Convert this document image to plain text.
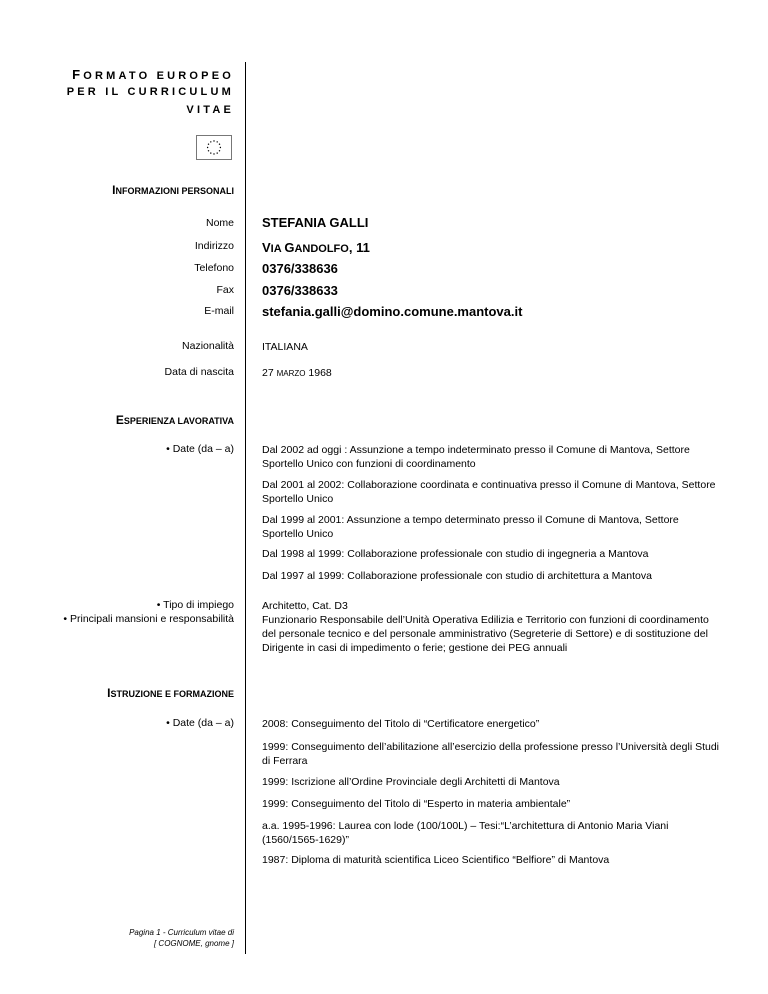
FORMATO EUROPEO
PER IL CURRICULUM
VITAE
INFORMAZIONI PERSONALI
Nome STEFANIA GALLI
Indirizzo VIA GANDOLFO, 11
Telefono 0376/338636
Fax 0376/338633
E-mail stefania.galli@domino.comune.mantova.it
Nazionalità	ITALIANA
Data di nascita	27 MARZO 1968
ESPERIENZA LAVORATIVA
• Date (da – a)	Dal 2002 ad oggi : Assunzione a tempo indeterminato presso il Comune di Mantova, Settore Sportello Unico con funzioni di coordinamento
Dal 2001 al 2002: Collaborazione coordinata e continuativa presso il Comune di Mantova, Settore Sportello Unico
Dal 1999 al 2001: Assunzione a tempo determinato presso il Comune di Mantova, Settore Sportello Unico
Dal 1998 al 1999: Collaborazione professionale con studio di ingegneria a Mantova
Dal 1997 al 1999: Collaborazione professionale con studio di architettura a Mantova
• Tipo di impiego	Architetto, Cat. D3
• Principali mansioni e responsabilità	Funzionario Responsabile dell’Unità Operativa Edilizia e Territorio con funzioni di coordinamento del personale tecnico e del personale amministrativo (Segreterie di Settore) e di sostituzione del Dirigente in casi di impedimento o ferie; gestione dei PEG annuali
ISTRUZIONE E FORMAZIONE
• Date (da – a)	2008: Conseguimento del Titolo di “Certificatore energetico”
1999: Conseguimento dell’abilitazione all’esercizio della professione presso l’Università degli Studi di Ferrara
1999: Iscrizione all’Ordine Provinciale degli Architetti di Mantova
1999: Conseguimento del Titolo di “Esperto in materia ambientale”
a.a. 1995-1996: Laurea con lode (100/100L) – Tesi:“L’architettura di Antonio Maria Viani (1560/1565-1629)”
1987: Diploma di maturità scientifica Liceo Scientifico “Belfiore” di Mantova
Pagina 1 - Curriculum vitae di
[ COGNOME, gnome ]
